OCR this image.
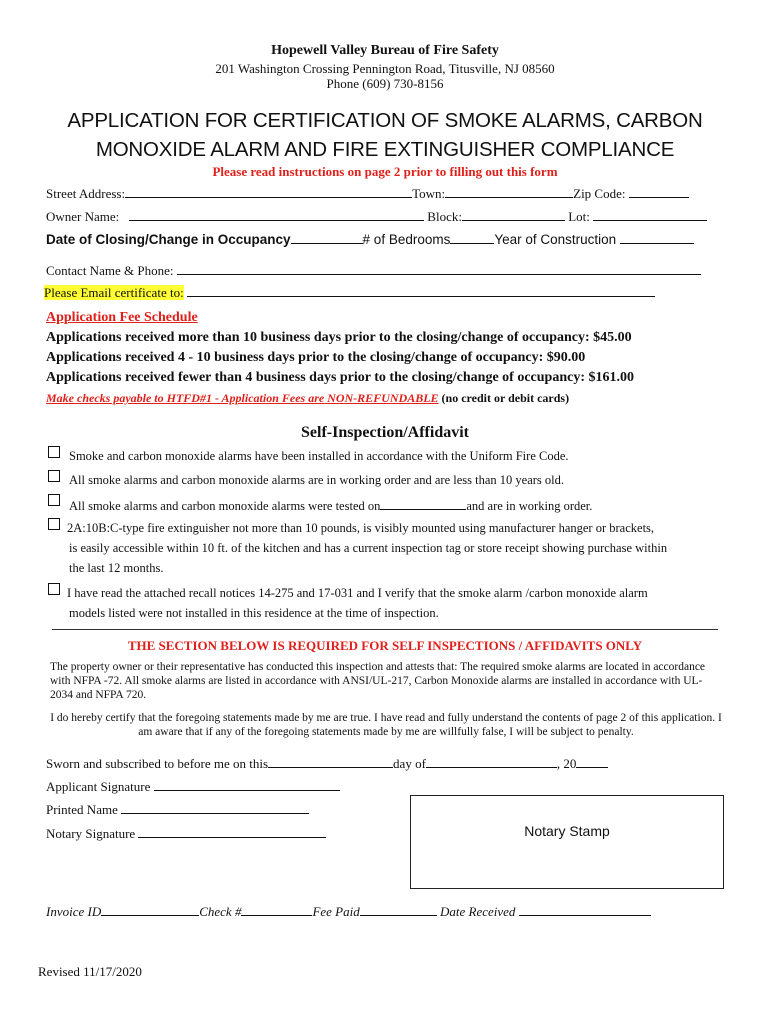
Hopewell Valley Bureau of Fire Safety
201 Washington Crossing Pennington Road, Titusville, NJ 08560
Phone (609) 730-8156
APPLICATION FOR CERTIFICATION OF SMOKE ALARMS, CARBON
MONOXIDE ALARM AND FIRE EXTINGUISHER COMPLIANCE
Please read instructions on page 2 prior to filling out this form
Street Address:	Town:	Zip Code:
Owner Name:	Block:	Lot:
Date of Closing/Change in Occupancy	# of Bedrooms	Year of Construction
Contact Name & Phone:
Please Email certificate to:
Application Fee Schedule
Applications received more than 10 business days prior to the closing/change of occupancy: $45.00
Applications received 4 - 10 business days prior to the closing/change of occupancy: $90.00
Applications received fewer than 4 business days prior to the closing/change of occupancy: $161.00
Make checks payable to HTFD#1 - Application Fees are NON-REFUNDABLE (no credit or debit cards)
Self-Inspection/Affidavit
Smoke and carbon monoxide alarms have been installed in accordance with the Uniform Fire Code.
All smoke alarms and carbon monoxide alarms are in working order and are less than 10 years old.
All smoke alarms and carbon monoxide alarms were tested on	and are in working order.
2A:10B:C-type fire extinguisher not more than 10 pounds, is visibly mounted using manufacturer hanger or brackets,
is easily accessible within 10 ft. of the kitchen and has a current inspection tag or store receipt showing purchase within
the last 12 months.
I have read the attached recall notices 14-275 and 17-031 and I verify that the smoke alarm /carbon monoxide alarm
models listed were not installed in this residence at the time of inspection.
THE SECTION BELOW IS REQUIRED FOR SELF INSPECTIONS / AFFIDAVITS ONLY
The property owner or their representative has conducted this inspection and attests that: The required smoke alarms are located in accordance with NFPA -72. All smoke alarms are listed in accordance with ANSI/UL-217, Carbon Monoxide alarms are installed in accordance with UL-2034 and NFPA 720.
I do hereby certify that the foregoing statements made by me are true. I have read and fully understand the contents of page 2 of this application. I am aware that if any of the foregoing statements made by me are willfully false, I will be subject to penalty.
Sworn and subscribed to before me on this	day of	, 20
Applicant Signature
Printed Name
Notary Signature	Notary Stamp
Invoice ID	Check #	Fee Paid	Date Received
Revised 11/17/2020
